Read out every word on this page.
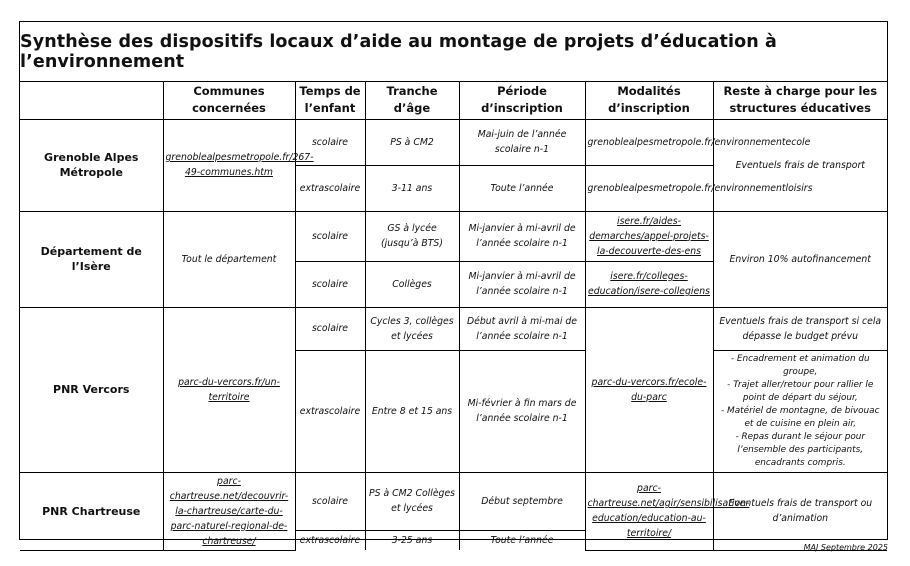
Synthèse des dispositifs locaux d’aide au montage de projets d’éducation à l’environnement
	Communes concernées	Temps de l’enfant	Tranche d’âge	Période d’inscription	Modalités d’inscription	Reste à charge pour les structures éducatives
Grenoble Alpes Métropole	grenoblealpesmetropole.fr/267-49-communes.htm	scolaire	PS à CM2	Mai-juin de l’année scolaire n-1	grenoblealpesmetropole.fr/environnementecole	Eventuels frais de transport
		extrascolaire	3-11 ans	Toute l’année	grenoblealpesmetropole.fr/environnementloisirs	
Département de l’Isère	Tout le département	scolaire	GS à lycée (jusqu’à BTS)	Mi-janvier à mi-avril de l’année scolaire n-1	isere.fr/aides-demarches/appel-projets-la-decouverte-des-ens	Environ 10% autofinancement
		scolaire	Collèges	Mi-janvier à mi-avril de l’année scolaire n-1	isere.fr/colleges-education/isere-collegiens	
PNR Vercors	parc-du-vercors.fr/un-territoire	scolaire	Cycles 3, collèges et lycées	Début avril à mi-mai de l’année scolaire n-1	parc-du-vercors.fr/ecole-du-parc	Eventuels frais de transport si cela dépasse le budget prévu
		extrascolaire	Entre 8 et 15 ans	Mi-février à fin mars de l’année scolaire n-1		- Encadrement et animation du groupe,
- Trajet aller/retour pour rallier le point de départ du séjour,
- Matériel de montagne, de bivouac et de cuisine en plein air,
- Repas durant le séjour pour l’ensemble des participants, encadrants compris.

PNR Chartreuse	parc-chartreuse.net/decouvrir-la-chartreuse/carte-du-parc-naturel-regional-de-chartreuse/	scolaire	PS à CM2 Collèges et lycées	Début septembre	parc-chartreuse.net/agir/sensibilisation-education/education-au-territoire/	Eventuels frais de transport ou d’animation
		extrascolaire	3-25 ans	Toute l’année		
MAJ Septembre 2025
